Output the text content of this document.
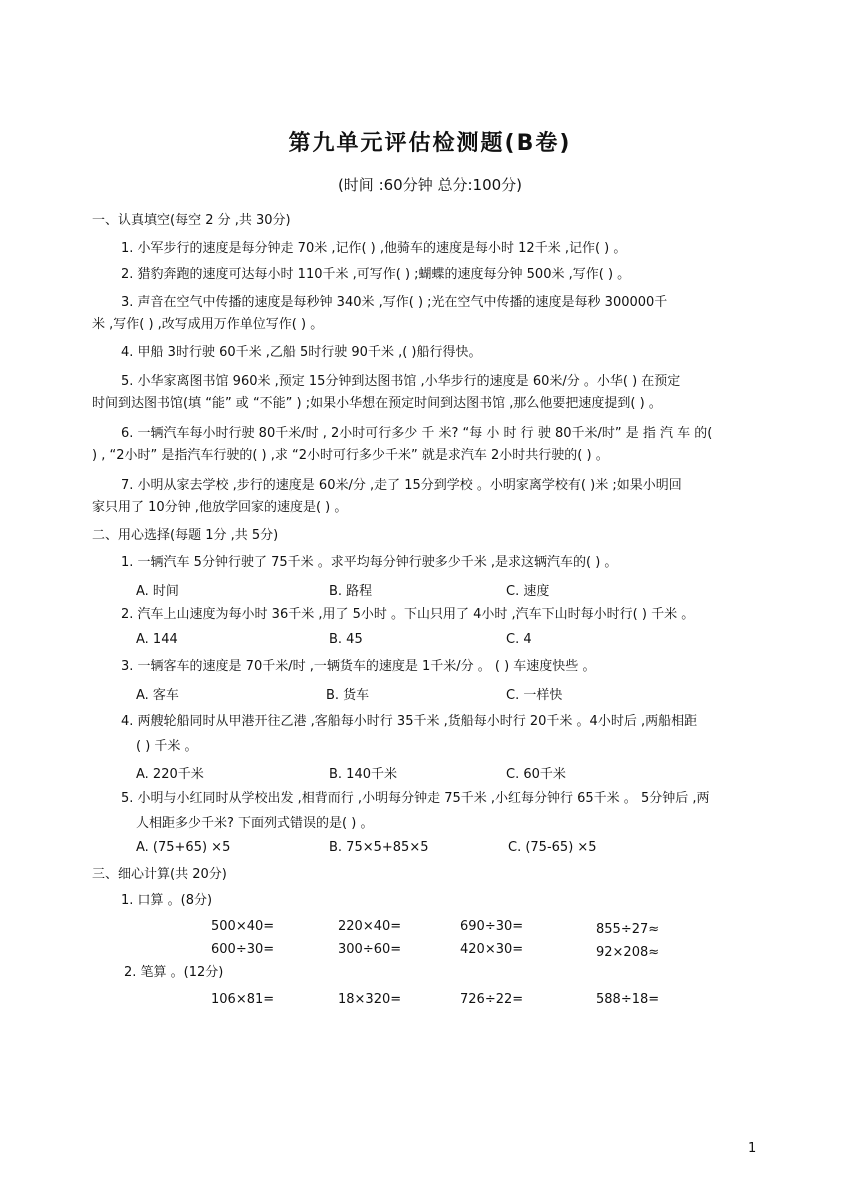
第九单元评估检测题(B卷)
(时间 :60分钟 总分:100分)
一、认真填空(每空 2 分 ,共 30分)
1. 小军步行的速度是每分钟走 70米 ,记作( ) ,他骑车的速度是每小时 12千米 ,记作( ) 。
2. 猎豹奔跑的速度可达每小时 110千米 ,可写作( ) ;蝴蝶的速度每分钟 500米 ,写作( ) 。
3. 声音在空气中传播的速度是每秒钟 340米 ,写作( ) ;光在空气中传播的速度是每秒 300000千
米 ,写作( ) ,改写成用万作单位写作( ) 。
4. 甲船 3时行驶 60千米 ,乙船 5时行驶 90千米 ,( )船行得快。
5. 小华家离图书馆 960米 ,预定 15分钟到达图书馆 ,小华步行的速度是 60米/分 。小华( ) 在预定
时间到达图书馆(填 “能” 或 “不能” ) ;如果小华想在预定时间到达图书馆 ,那么他要把速度提到( ) 。
6. 一辆汽车每小时行驶 80千米/时 , 2小时可行多少 千 米? “每 小 时 行 驶 80千米/时” 是 指 汽 车 的(
) , “2小时” 是指汽车行驶的( ) ,求 “2小时可行多少千米” 就是求汽车 2小时共行驶的( ) 。
7. 小明从家去学校 ,步行的速度是 60米/分 ,走了 15分到学校 。小明家离学校有( )米 ;如果小明回
家只用了 10分钟 ,他放学回家的速度是( ) 。
二、用心选择(每题 1分 ,共 5分)
1. 一辆汽车 5分钟行驶了 75千米 。求平均每分钟行驶多少千米 ,是求这辆汽车的( ) 。
A. 时间	B. 路程	C. 速度
2. 汽车上山速度为每小时 36千米 ,用了 5小时 。下山只用了 4小时 ,汽车下山时每小时行( ) 千米 。
A. 144	B. 45	C. 4
3. 一辆客车的速度是 70千米/时 ,一辆货车的速度是 1千米/分 。 ( ) 车速度快些 。
A. 客车	B. 货车	C. 一样快
4. 两艘轮船同时从甲港开往乙港 ,客船每小时行 35千米 ,货船每小时行 20千米 。4小时后 ,两船相距
( ) 千米 。
A. 220千米	B. 140千米	C. 60千米
5. 小明与小红同时从学校出发 ,相背而行 ,小明每分钟走 75千米 ,小红每分钟行 65千米 。 5分钟后 ,两
人相距多少千米? 下面列式错误的是( ) 。
A. (75+65) ×5	B. 75×5+85×5	C. (75-65) ×5
三、细心计算(共 20分)
1. 口算 。(8分)
500×40=	220×40=	690÷30=	855÷27≈
600÷30=	300÷60=	420×30=	92×208≈
2. 笔算 。(12分)
106×81=	18×320=	726÷22=	588÷18=
1
